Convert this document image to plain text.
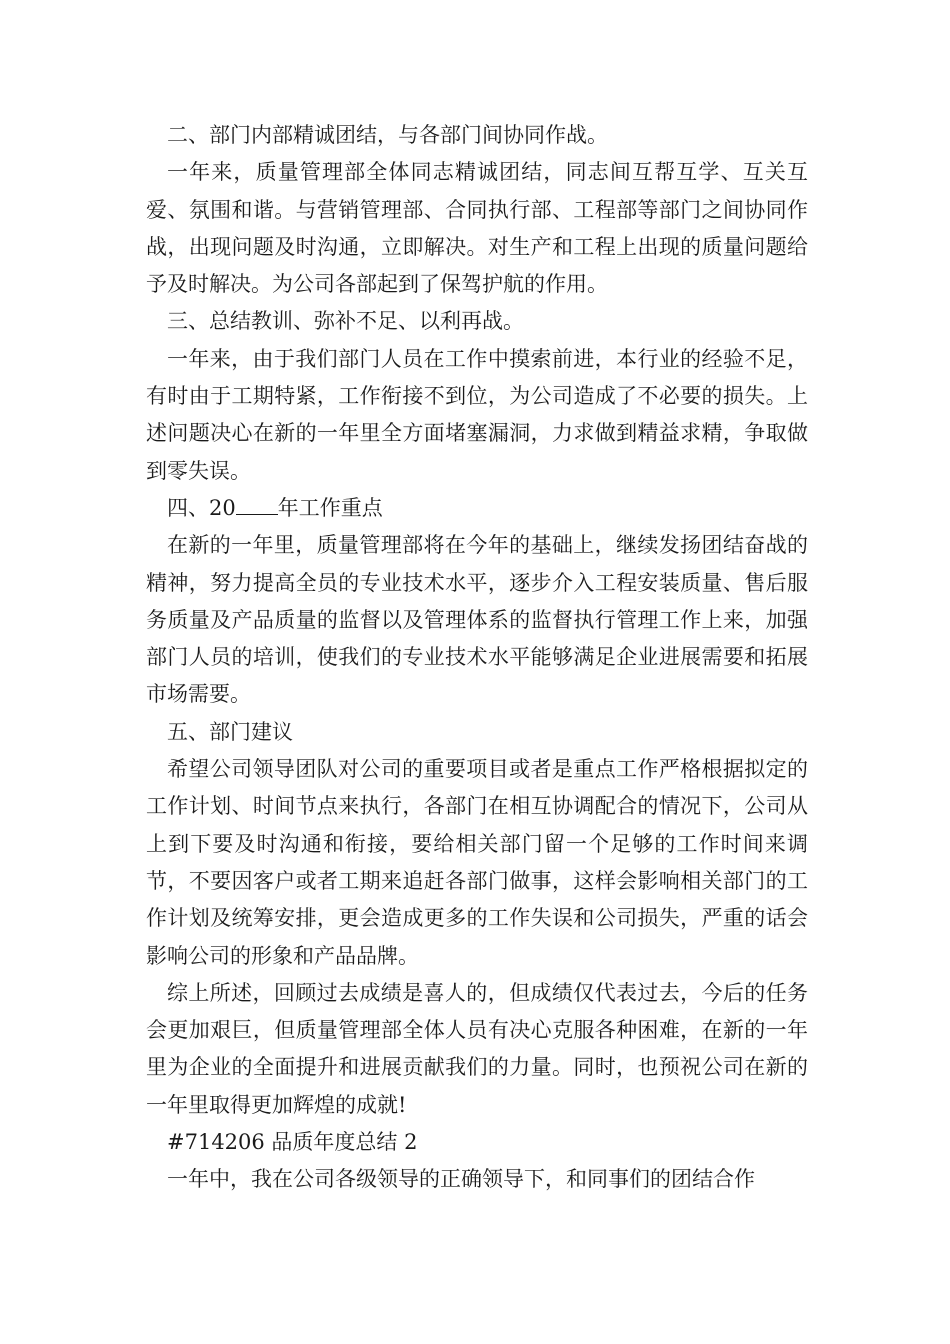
二、部门内部精诚团结，与各部门间协同作战。

一年来，质量管理部全体同志精诚团结，同志间互帮互学、互关互爱、氛围和谐。与营销管理部、合同执行部、工程部等部门之间协同作战，出现问题及时沟通，立即解决。对生产和工程上出现的质量问题给予及时解决。为公司各部起到了保驾护航的作用。

三、总结教训、弥补不足、以利再战。

一年来，由于我们部门人员在工作中摸索前进，本行业的经验不足，有时由于工期特紧，工作衔接不到位，为公司造成了不必要的损失。上述问题决心在新的一年里全方面堵塞漏洞，力求做到精益求精，争取做到零失误。

四、20 年工作重点

在新的一年里，质量管理部将在今年的基础上，继续发扬团结奋战的精神，努力提高全员的专业技术水平，逐步介入工程安装质量、售后服务质量及产品质量的监督以及管理体系的监督执行管理工作上来，加强部门人员的培训，使我们的专业技术水平能够满足企业进展需要和拓展市场需要。

五、部门建议

希望公司领导团队对公司的重要项目或者是重点工作严格根据拟定的工作计划、时间节点来执行，各部门在相互协调配合的情况下，公司从上到下要及时沟通和衔接，要给相关部门留一个足够的工作时间来调节，不要因客户或者工期来追赶各部门做事，这样会影响相关部门的工作计划及统筹安排，更会造成更多的工作失误和公司损失，严重的话会影响公司的形象和产品品牌。

综上所述，回顾过去成绩是喜人的，但成绩仅代表过去，今后的任务会更加艰巨，但质量管理部全体人员有决心克服各种困难，在新的一年里为企业的全面提升和进展贡献我们的力量。同时，也预祝公司在新的一年里取得更加辉煌的成就!

#714206 品质年度总结 2

一年中，我在公司各级领导的正确领导下，和同事们的团结合作
